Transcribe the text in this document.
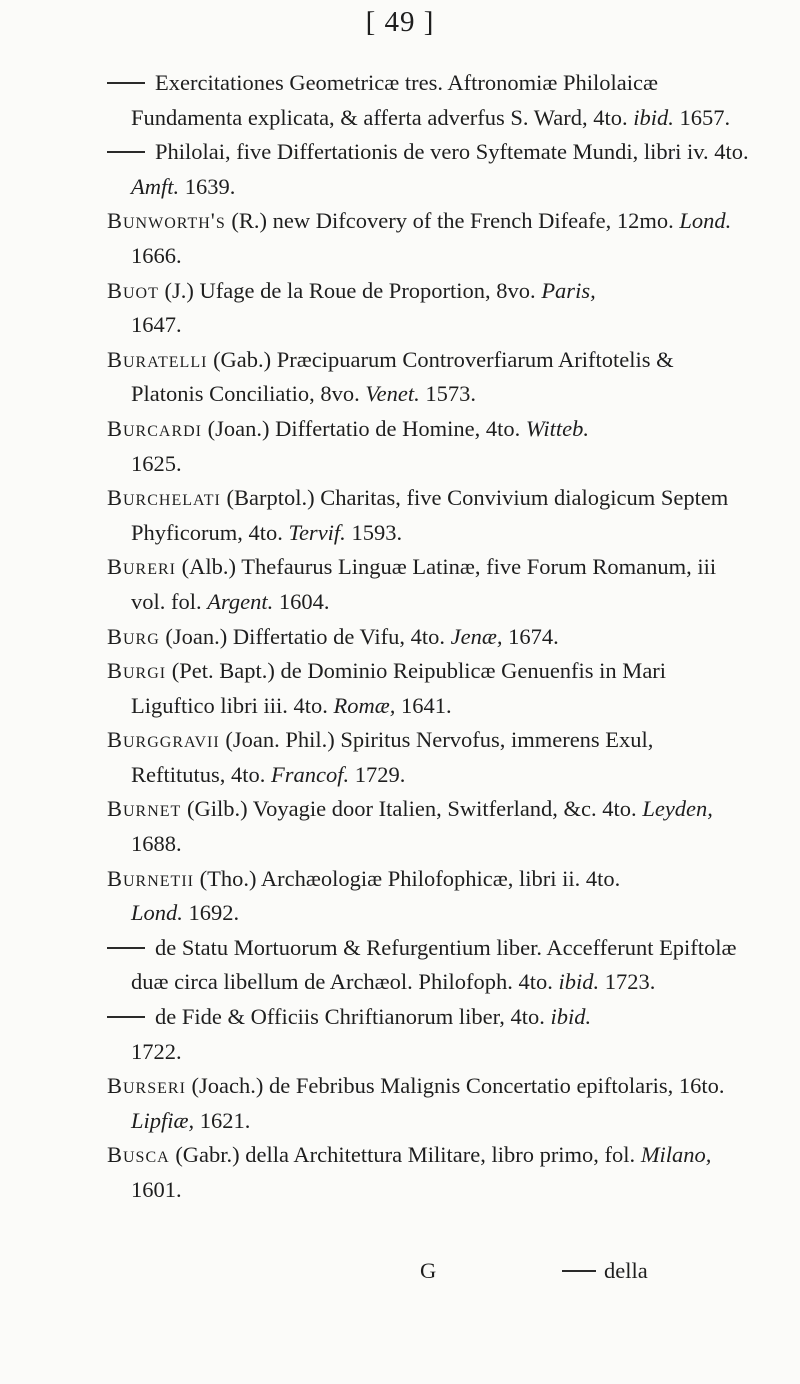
[ 49 ]
Exercitationes Geometricæ tres. Aftronomiæ Philolaicæ Fundamenta explicata, & afferta adverfus S. Ward, 4to. ibid. 1657.
Philolai, five Differtationis de vero Syftemate Mundi, libri iv. 4to. Amft. 1639.
Bunworth's (R.) new Difcovery of the French Difeafe, 12mo. Lond. 1666.
Buot (J.) Ufage de la Roue de Proportion, 8vo. Paris,
1647.
Buratelli (Gab.) Præcipuarum Controverfiarum Ariftotelis & Platonis Conciliatio, 8vo. Venet. 1573.
Burcardi (Joan.) Differtatio de Homine, 4to. Witteb.
1625.
Burchelati (Barptol.) Charitas, five Convivium dialogicum Septem Phyficorum, 4to. Tervif. 1593.
Bureri (Alb.) Thefaurus Linguæ Latinæ, five Forum Romanum, iii vol. fol. Argent. 1604.
Burg (Joan.) Differtatio de Vifu, 4to. Jenæ, 1674.
Burgi (Pet. Bapt.) de Dominio Reipublicæ Genuenfis in Mari Liguftico libri iii. 4to. Romæ, 1641.
Burggravii (Joan. Phil.) Spiritus Nervofus, immerens Exul, Reftitutus, 4to. Francof. 1729.
Burnet (Gilb.) Voyagie door Italien, Switferland, &c. 4to. Leyden, 1688.
Burnetii (Tho.) Archæologiæ Philofophicæ, libri ii. 4to.
Lond. 1692.
de Statu Mortuorum & Refurgentium liber. Accefferunt Epiftolæ duæ circa libellum de Archæol. Philofoph. 4to. ibid. 1723.
de Fide & Officiis Chriftianorum liber, 4to. ibid.
1722.
Burseri (Joach.) de Febribus Malignis Concertatio epiftolaris, 16to. Lipfiæ, 1621.
Busca (Gabr.) della Architettura Militare, libro primo, fol. Milano, 1601.
G	della
